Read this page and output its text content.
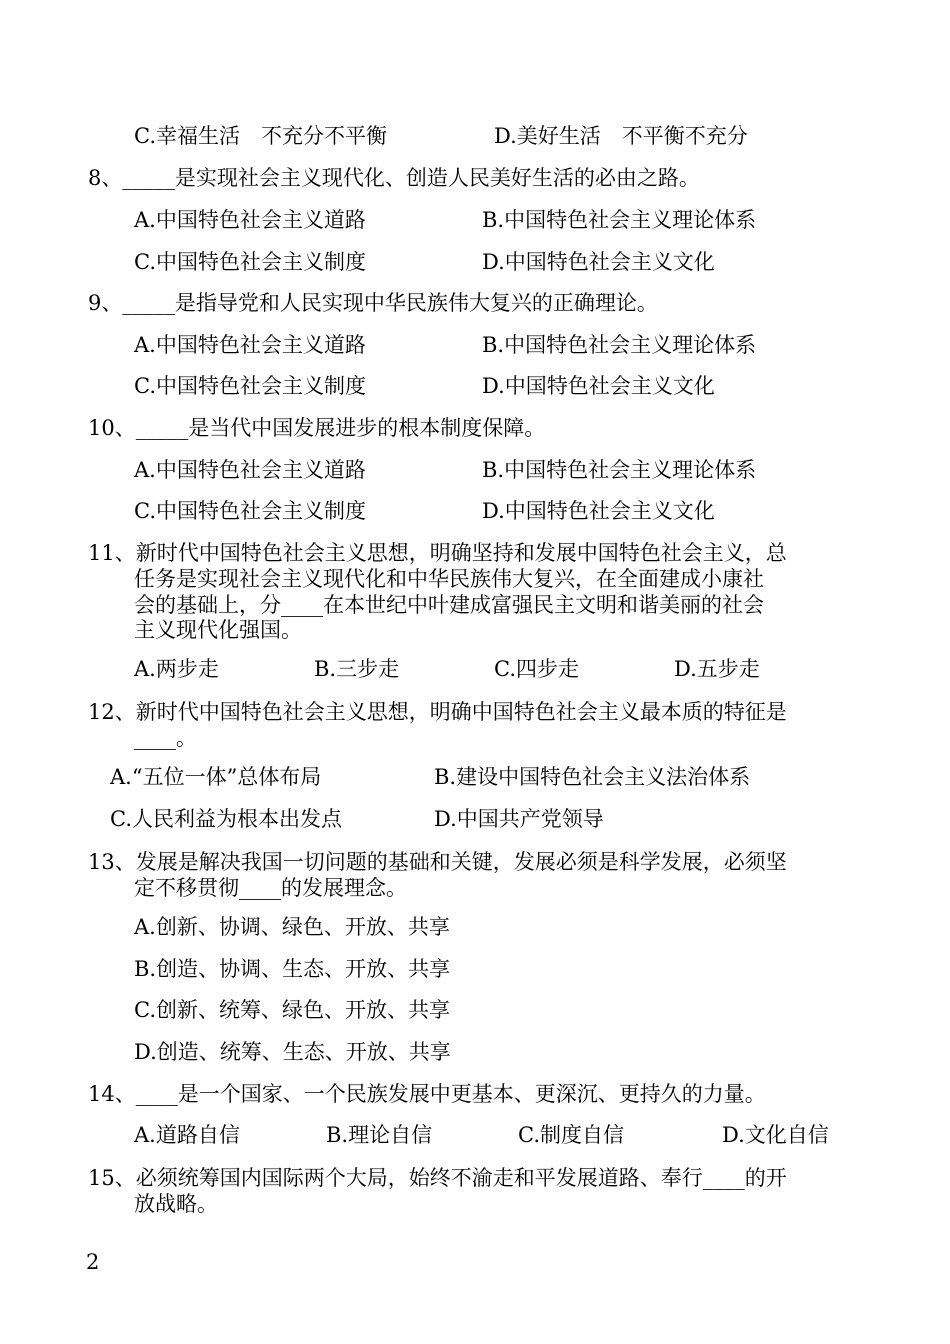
C.幸福生活　不充分不平衡	D.美好生活　不平衡不充分
8、_____是实现社会主义现代化、创造人民美好生活的必由之路。
A.中国特色社会主义道路	B.中国特色社会主义理论体系
C.中国特色社会主义制度	D.中国特色社会主义文化
9、_____是指导党和人民实现中华民族伟大复兴的正确理论。
A.中国特色社会主义道路	B.中国特色社会主义理论体系
C.中国特色社会主义制度	D.中国特色社会主义文化
10、_____是当代中国发展进步的根本制度保障。
A.中国特色社会主义道路	B.中国特色社会主义理论体系
C.中国特色社会主义制度	D.中国特色社会主义文化
11、新时代中国特色社会主义思想，明确坚持和发展中国特色社会主义，总
任务是实现社会主义现代化和中华民族伟大复兴，在全面建成小康社
会的基础上，分____在本世纪中叶建成富强民主文明和谐美丽的社会
主义现代化强国。
A.两步走	B.三步走	C.四步走	D.五步走
12、新时代中国特色社会主义思想，明确中国特色社会主义最本质的特征是
____。
A.“五位一体”总体布局	B.建设中国特色社会主义法治体系
C.人民利益为根本出发点	D.中国共产党领导
13、发展是解决我国一切问题的基础和关键，发展必须是科学发展，必须坚
定不移贯彻____的发展理念。
A.创新、协调、绿色、开放、共享
B.创造、协调、生态、开放、共享
C.创新、统筹、绿色、开放、共享
D.创造、统筹、生态、开放、共享
14、____是一个国家、一个民族发展中更基本、更深沉、更持久的力量。
A.道路自信	B.理论自信	C.制度自信	D.文化自信
15、必须统筹国内国际两个大局，始终不渝走和平发展道路、奉行____的开
放战略。
2
